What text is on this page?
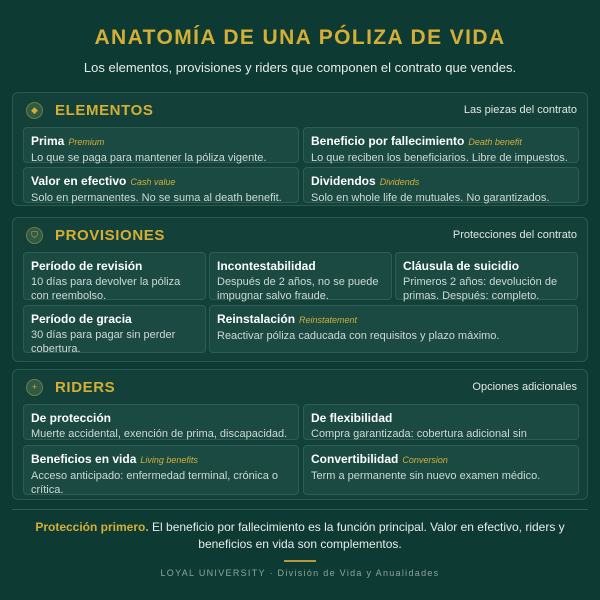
ANATOMÍA DE UNA PÓLIZA DE VIDA
Los elementos, provisiones y riders que componen el contrato que vendes.
◆	ELEMENTOS	Las piezas del contrato
Prima Premium
Lo que se paga para mantener la póliza vigente.
Beneficio por fallecimiento Death benefit
Lo que reciben los beneficiarios. Libre de impuestos.
Valor en efectivo Cash value
Solo en permanentes. No se suma al death benefit.
Dividendos Dividends
Solo en whole life de mutuales. No garantizados.
⛉	PROVISIONES	Protecciones del contrato
Período de revisión
10 días para devolver la póliza con reembolso.
Incontestabilidad
Después de 2 años, no se puede impugnar salvo fraude.
Cláusula de suicidio
Primeros 2 años: devolución de primas. Después: completo.
Período de gracia
30 días para pagar sin perder cobertura.
Reinstalación Reinstatement
Reactivar póliza caducada con requisitos y plazo máximo.
+	RIDERS	Opciones adicionales
De protección
Muerte accidental, exención de prima, discapacidad.
De flexibilidad
Compra garantizada: cobertura adicional sin
Beneficios en vida Living benefits
Acceso anticipado: enfermedad terminal, crónica o crítica.
Convertibilidad Conversion
Term a permanente sin nuevo examen médico.
Protección primero. El beneficio por fallecimiento es la función principal. Valor en efectivo, riders y beneficios en vida son complementos.
LOYAL UNIVERSITY · División de Vida y Anualidades
